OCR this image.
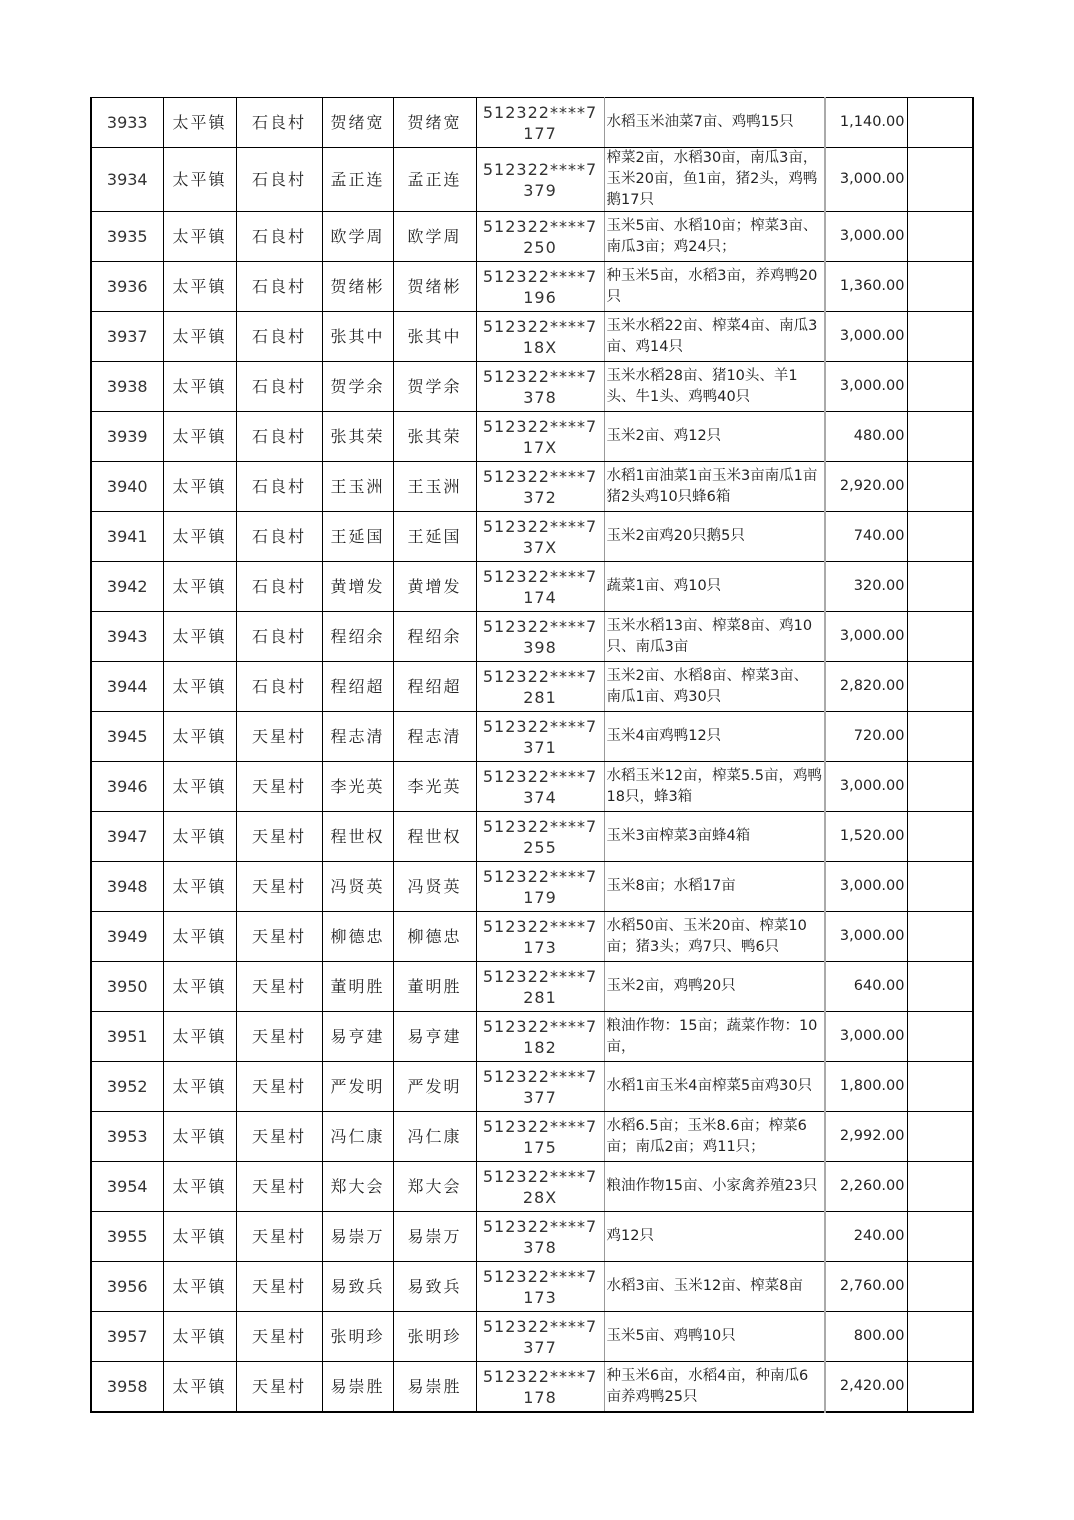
3933	太平镇	石良村	贺绪宽	贺绪宽	512322****7177	水稻玉米油菜7亩、鸡鸭15只	1,140.00	
3934	太平镇	石良村	孟正连	孟正连	512322****7379	榨菜2亩，水稻30亩，南瓜3亩，玉米20亩，鱼1亩，猪2头，鸡鸭鹅17只	3,000.00	
3935	太平镇	石良村	欧学周	欧学周	512322****7250	玉米5亩、水稻10亩；榨菜3亩、南瓜3亩；鸡24只；	3,000.00	
3936	太平镇	石良村	贺绪彬	贺绪彬	512322****7196	种玉米5亩，水稻3亩，养鸡鸭20只	1,360.00	
3937	太平镇	石良村	张其中	张其中	512322****718X	玉米水稻22亩、榨菜4亩、南瓜3亩、鸡14只	3,000.00	
3938	太平镇	石良村	贺学余	贺学余	512322****7378	玉米水稻28亩、猪10头、羊1头、牛1头、鸡鸭40只	3,000.00	
3939	太平镇	石良村	张其荣	张其荣	512322****717X	玉米2亩、鸡12只	480.00	
3940	太平镇	石良村	王玉洲	王玉洲	512322****7372	水稻1亩油菜1亩玉米3亩南瓜1亩猪2头鸡10只蜂6箱	2,920.00	
3941	太平镇	石良村	王延国	王延国	512322****737X	玉米2亩鸡20只鹅5只	740.00	
3942	太平镇	石良村	黄增发	黄增发	512322****7174	蔬菜1亩、鸡10只	320.00	
3943	太平镇	石良村	程绍余	程绍余	512322****7398	玉米水稻13亩、榨菜8亩、鸡10只、南瓜3亩	3,000.00	
3944	太平镇	石良村	程绍超	程绍超	512322****7281	玉米2亩、水稻8亩、榨菜3亩、南瓜1亩、鸡30只	2,820.00	
3945	太平镇	天星村	程志清	程志清	512322****7371	玉米4亩鸡鸭12只	720.00	
3946	太平镇	天星村	李光英	李光英	512322****7374	水稻玉米12亩，榨菜5.5亩，鸡鸭18只，蜂3箱	3,000.00	
3947	太平镇	天星村	程世权	程世权	512322****7255	玉米3亩榨菜3亩蜂4箱	1,520.00	
3948	太平镇	天星村	冯贤英	冯贤英	512322****7179	玉米8亩；水稻17亩	3,000.00	
3949	太平镇	天星村	柳德忠	柳德忠	512322****7173	水稻50亩、玉米20亩、榨菜10亩；猪3头；鸡7只、鸭6只	3,000.00	
3950	太平镇	天星村	董明胜	董明胜	512322****7281	玉米2亩，鸡鸭20只	640.00	
3951	太平镇	天星村	易亨建	易亨建	512322****7182	粮油作物：15亩；蔬菜作物：10亩，	3,000.00	
3952	太平镇	天星村	严发明	严发明	512322****7377	水稻1亩玉米4亩榨菜5亩鸡30只	1,800.00	
3953	太平镇	天星村	冯仁康	冯仁康	512322****7175	水稻6.5亩；玉米8.6亩；榨菜6亩；南瓜2亩；鸡11只；	2,992.00	
3954	太平镇	天星村	郑大会	郑大会	512322****728X	粮油作物15亩、小家禽养殖23只	2,260.00	
3955	太平镇	天星村	易崇万	易崇万	512322****7378	鸡12只	240.00	
3956	太平镇	天星村	易致兵	易致兵	512322****7173	水稻3亩、玉米12亩、榨菜8亩	2,760.00	
3957	太平镇	天星村	张明珍	张明珍	512322****7377	玉米5亩、鸡鸭10只	800.00	
3958	太平镇	天星村	易崇胜	易崇胜	512322****7178	种玉米6亩，水稻4亩，种南瓜6亩养鸡鸭25只	2,420.00	
